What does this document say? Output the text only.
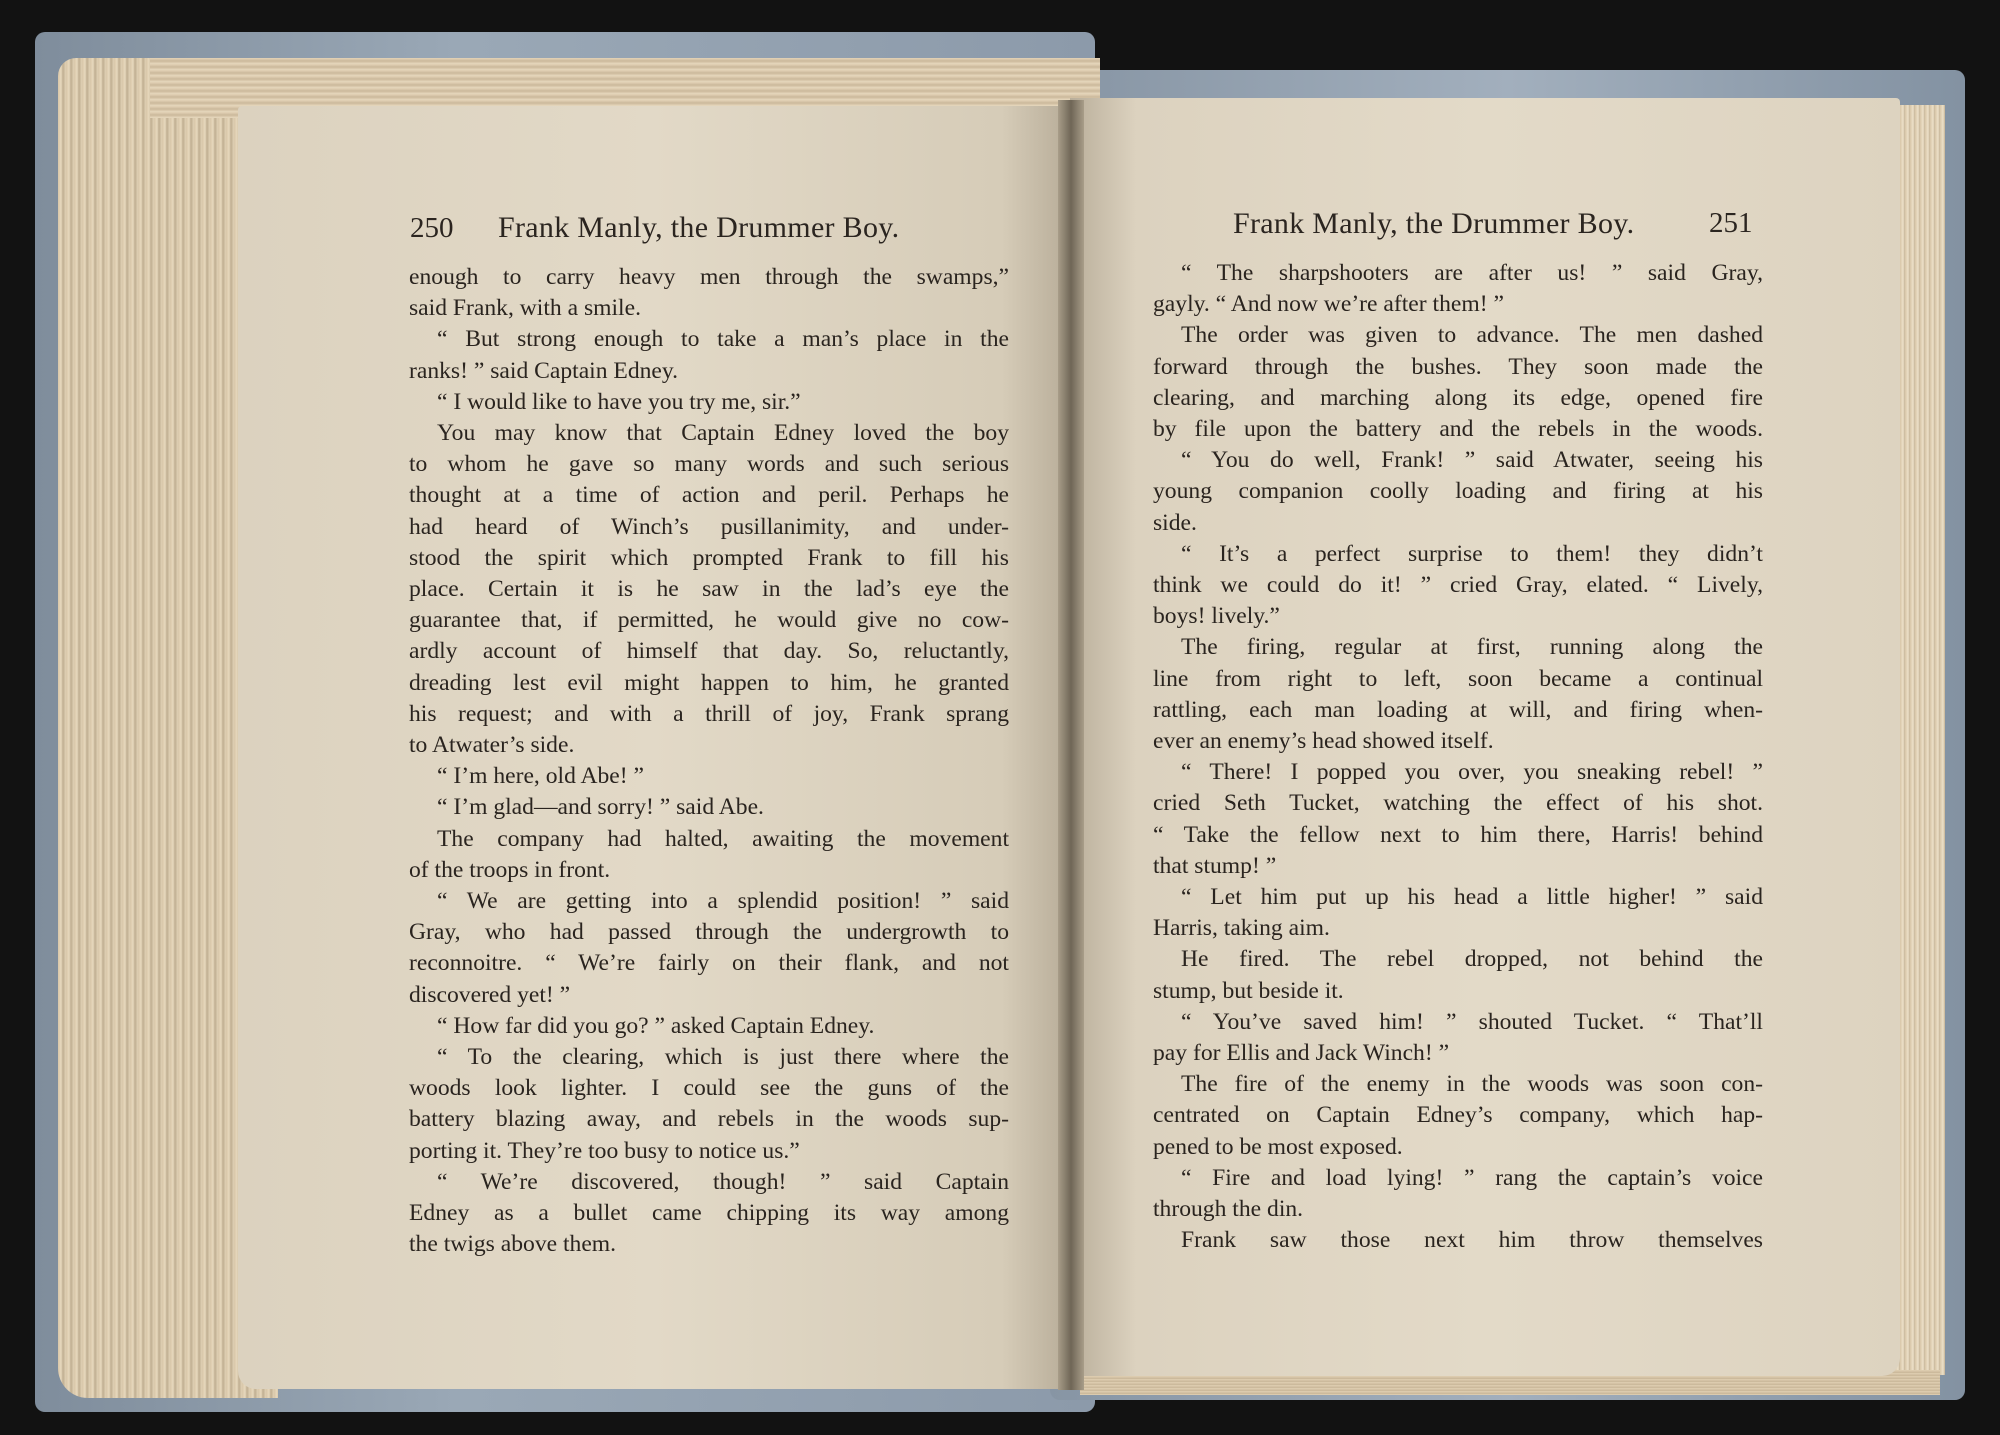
250 Frank Manly, the Drummer Boy.	Frank Manly, the Drummer Boy.	251
enough to carry heavy men through the swamps,”
said Frank, with a smile.
“ But strong enough to take a man’s place in the
ranks! ” said Captain Edney.
“ I would like to have you try me, sir.”
You may know that Captain Edney loved the boy
to whom he gave so many words and such serious
thought at a time of action and peril. Perhaps he
had heard of Winch’s pusillanimity, and under-
stood the spirit which prompted Frank to fill his
place. Certain it is he saw in the lad’s eye the
guarantee that, if permitted, he would give no cow-
ardly account of himself that day. So, reluctantly,
dreading lest evil might happen to him, he granted
his request; and with a thrill of joy, Frank sprang
to Atwater’s side.
“ I’m here, old Abe! ”
“ I’m glad—and sorry! ” said Abe.
The company had halted, awaiting the movement
of the troops in front.
“ We are getting into a splendid position! ” said
Gray, who had passed through the undergrowth to
reconnoitre. “ We’re fairly on their flank, and not
discovered yet! ”
“ How far did you go? ” asked Captain Edney.
“ To the clearing, which is just there where the
woods look lighter. I could see the guns of the
battery blazing away, and rebels in the woods sup-
porting it. They’re too busy to notice us.”
“ We’re discovered, though! ” said Captain
Edney as a bullet came chipping its way among
the twigs above them.
“ The sharpshooters are after us! ” said Gray,
gayly. “ And now we’re after them! ”
The order was given to advance. The men dashed
forward through the bushes. They soon made the
clearing, and marching along its edge, opened fire
by file upon the battery and the rebels in the woods.
“ You do well, Frank! ” said Atwater, seeing his
young companion coolly loading and firing at his
side.
“ It’s a perfect surprise to them! they didn’t
think we could do it! ” cried Gray, elated. “ Lively,
boys! lively.”
The firing, regular at first, running along the
line from right to left, soon became a continual
rattling, each man loading at will, and firing when-
ever an enemy’s head showed itself.
“ There! I popped you over, you sneaking rebel! ”
cried Seth Tucket, watching the effect of his shot.
“ Take the fellow next to him there, Harris! behind
that stump! ”
“ Let him put up his head a little higher! ” said
Harris, taking aim.
He fired. The rebel dropped, not behind the
stump, but beside it.
“ You’ve saved him! ” shouted Tucket. “ That’ll
pay for Ellis and Jack Winch! ”
The fire of the enemy in the woods was soon con-
centrated on Captain Edney’s company, which hap-
pened to be most exposed.
“ Fire and load lying! ” rang the captain’s voice
through the din.
Frank saw those next him throw themselves
